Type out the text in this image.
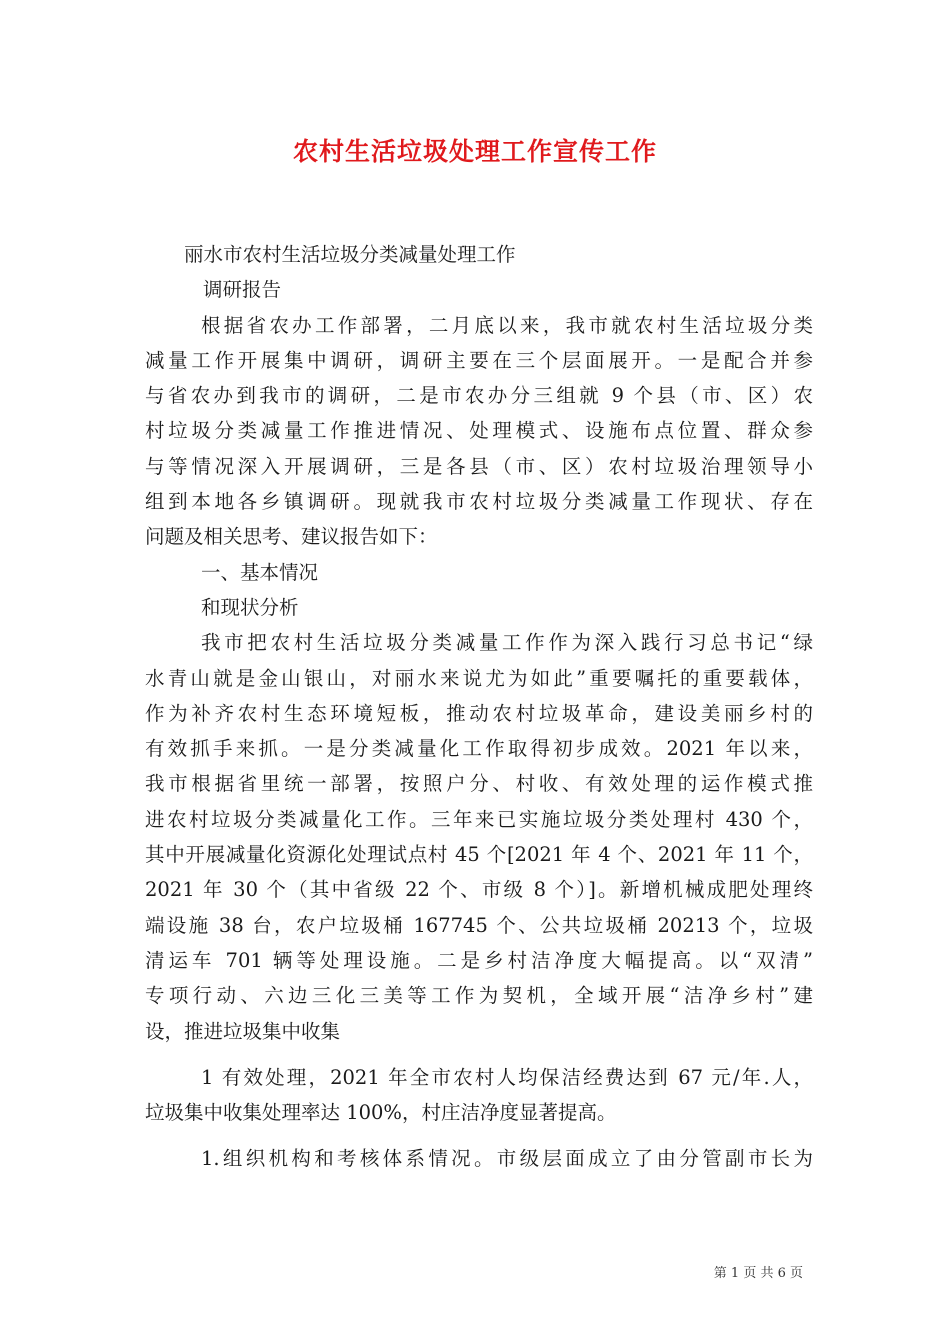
农村生活垃圾处理工作宣传工作
丽水市农村生活垃圾分类减量处理工作
调研报告
根据省农办工作部署，二月底以来，我市就农村生活垃圾分类
减量工作开展集中调研，调研主要在三个层面展开。一是配合并参
与省农办到我市的调研，二是市农办分三组就 9 个县（市、区）农
村垃圾分类减量工作推进情况、处理模式、设施布点位置、群众参
与等情况深入开展调研，三是各县（市、区）农村垃圾治理领导小
组到本地各乡镇调研。现就我市农村垃圾分类减量工作现状、存在
问题及相关思考、建议报告如下：
一、基本情况
和现状分析
我市把农村生活垃圾分类减量工作作为深入践行习总书记“绿
水青山就是金山银山，对丽水来说尤为如此”重要嘱托的重要载体，
作为补齐农村生态环境短板，推动农村垃圾革命，建设美丽乡村的
有效抓手来抓。一是分类减量化工作取得初步成效。2021 年以来，
我市根据省里统一部署，按照户分、村收、有效处理的运作模式推
进农村垃圾分类减量化工作。三年来已实施垃圾分类处理村 430 个，
其中开展减量化资源化处理试点村 45 个[2021 年 4 个、2021 年 11 个，
2021 年 30 个（其中省级 22 个、市级 8 个）]。新增机械成肥处理终
端设施 38 台，农户垃圾桶 167745 个、公共垃圾桶 20213 个，垃圾
清运车 701 辆等处理设施。二是乡村洁净度大幅提高。以“双清”
专项行动、六边三化三美等工作为契机，全域开展“洁净乡村”建
设，推进垃圾集中收集
1 有效处理，2021 年全市农村人均保洁经费达到 67 元/年.人，
垃圾集中收集处理率达 100%，村庄洁净度显著提高。
1.组织机构和考核体系情况。市级层面成立了由分管副市长为
第 1 页 共 6 页
